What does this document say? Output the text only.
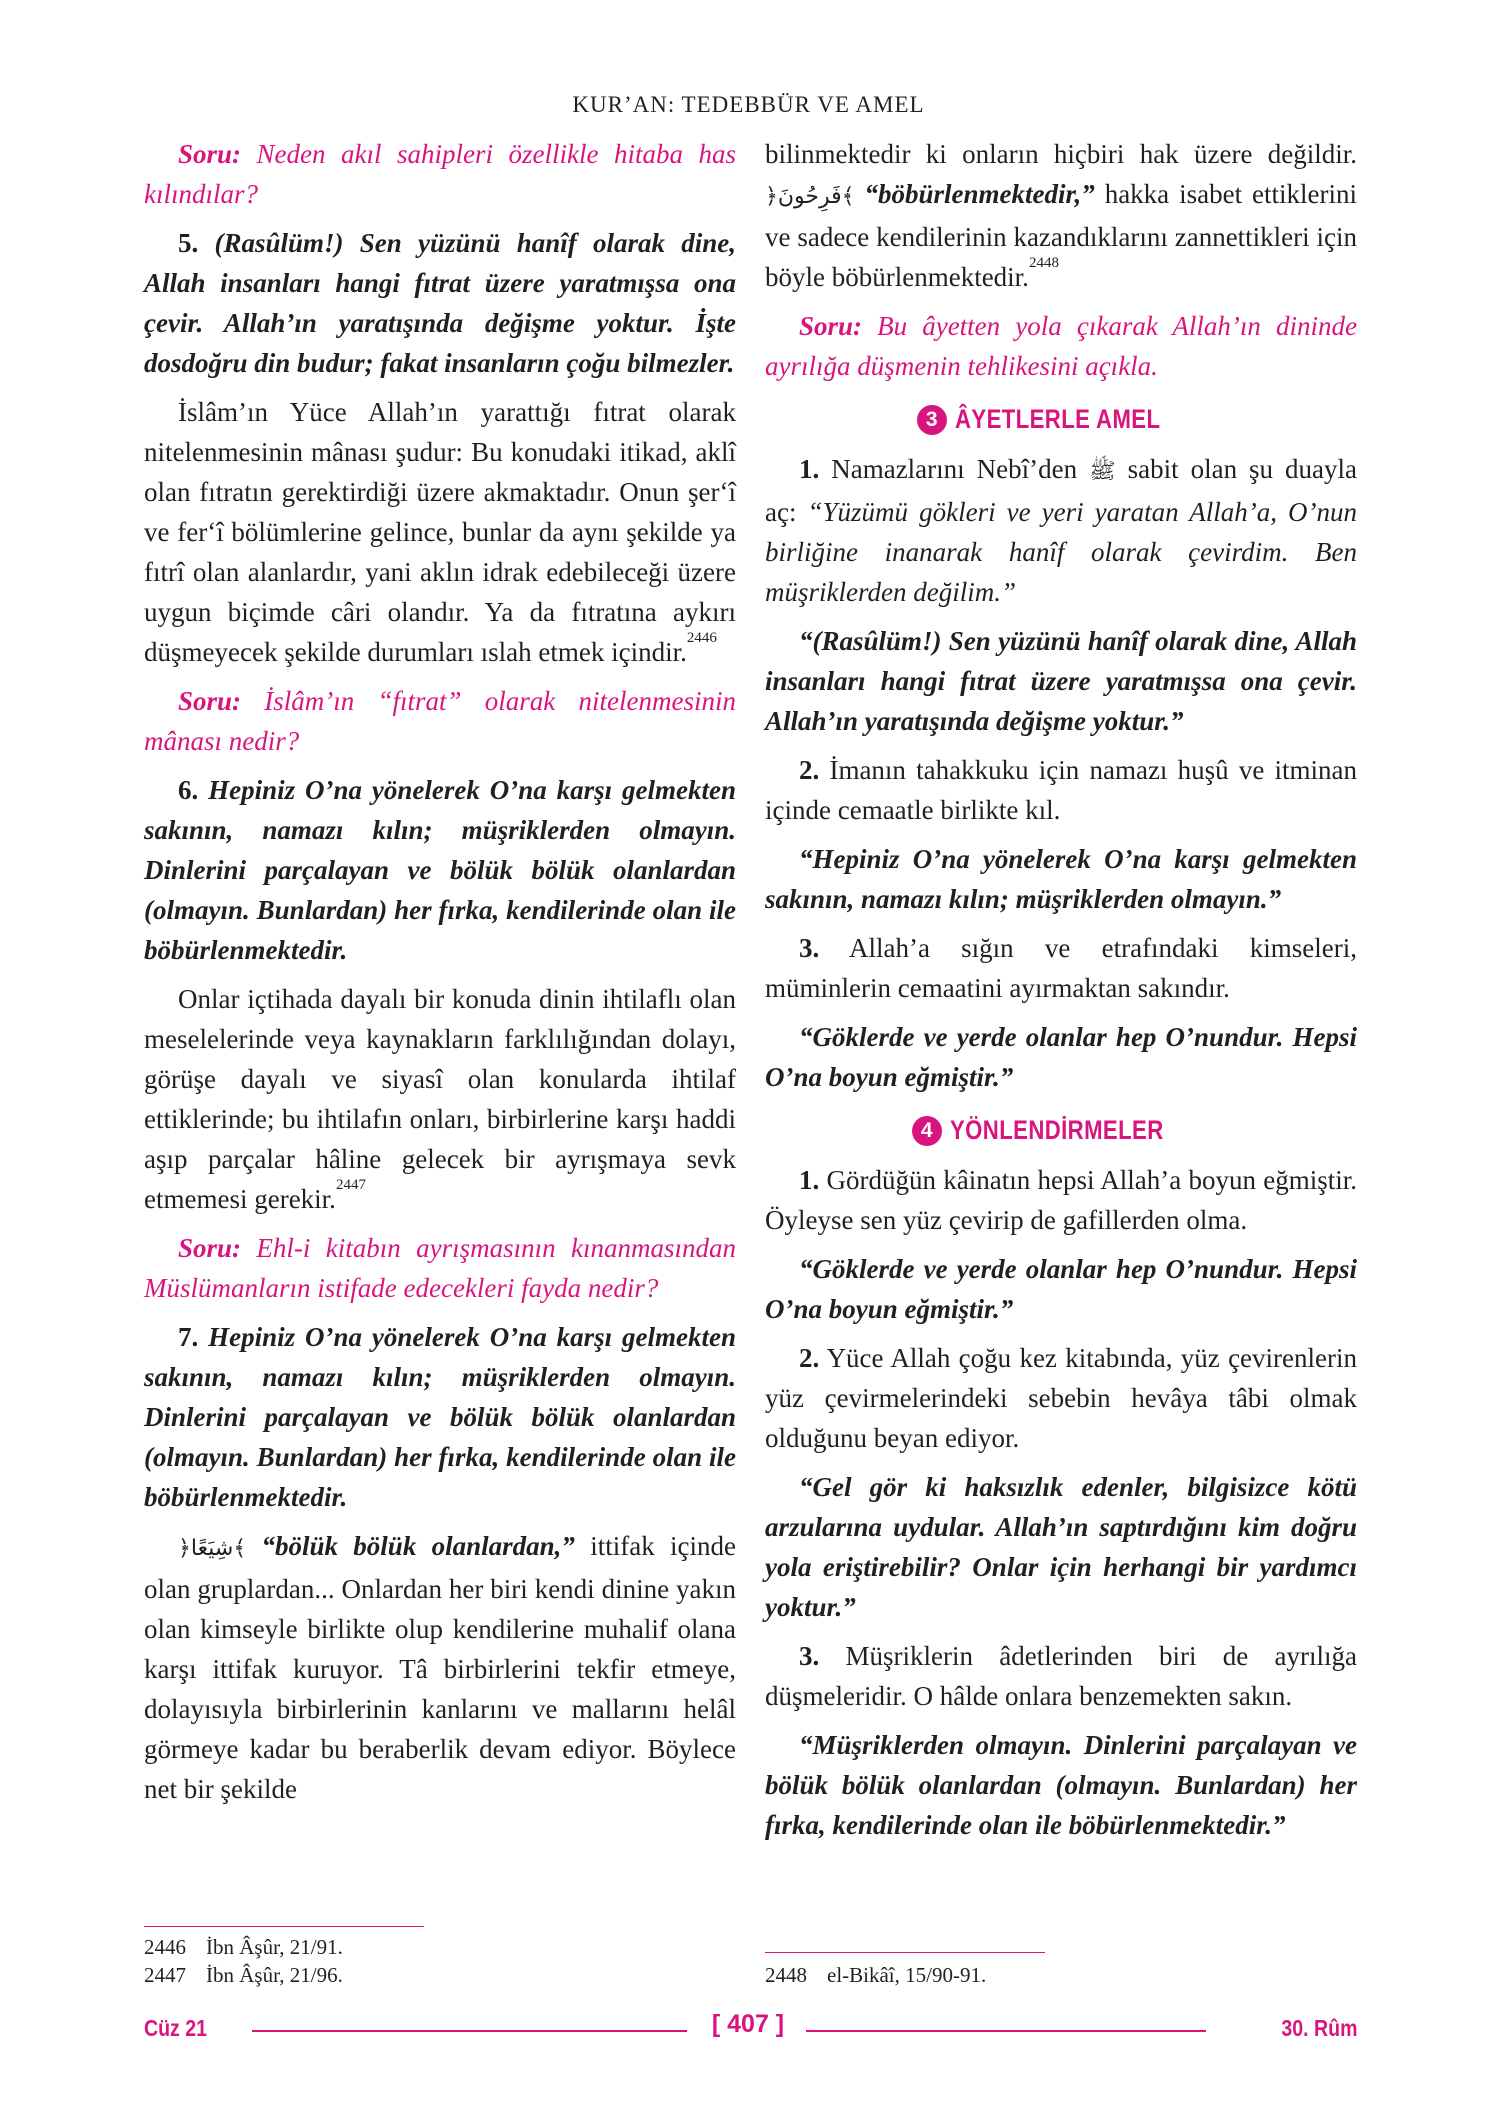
KUR’AN: TEDEBBÜR VE AMEL

Soru: Neden akıl sahipleri özellikle hitaba has kılındılar?

5. (Rasûlüm!) Sen yüzünü hanîf olarak dine, Allah insanları hangi fıtrat üzere yaratmışsa ona çevir. Allah’ın yaratışında değişme yoktur. İşte dosdoğru din budur; fakat insanların çoğu bilmezler.

İslâm’ın Yüce Allah’ın yarattığı fıtrat olarak nitelenmesinin mânası şudur: Bu konudaki itikad, aklî olan fıtratın gerektirdiği üzere akmaktadır. Onun şer‘î ve fer‘î bölümlerine gelince, bunlar da aynı şekilde ya fıtrî olan alanlardır, yani aklın idrak edebileceği üzere uygun biçimde câri olandır. Ya da fıtratına aykırı düşmeyecek şekilde durumları ıslah etmek içindir.$^{2446}$

Soru: İslâm’ın “fıtrat” olarak nitelenmesinin mânası nedir?

6. Hepiniz O’na yönelerek O’na karşı gelmekten sakının, namazı kılın; müşriklerden olmayın. Dinlerini parçalayan ve bölük bölük olanlardan (olmayın. Bunlardan) her fırka, kendilerinde olan ile böbürlenmektedir.

Onlar içtihada dayalı bir konuda dinin ihtilaflı olan meselelerinde veya kaynakların farklılığından dolayı, görüşe dayalı ve siyasî olan konularda ihtilaf ettiklerinde; bu ihtilafın onları, birbirlerine karşı haddi aşıp parçalar hâline gelecek bir ayrışmaya sevk etmemesi gerekir.$^{2447}$

Soru: Ehl-i kitabın ayrışmasının kınanmasından Müslümanların istifade edecekleri fayda nedir?

7. Hepiniz O’na yönelerek O’na karşı gelmekten sakının, namazı kılın; müşriklerden olmayın. Dinlerini parçalayan ve bölük bölük olanlardan (olmayın. Bunlardan) her fırka, kendilerinde olan ile böbürlenmektedir.

﴿شِيَعًا﴾ “bölük bölük olanlardan,” ittifak içinde olan gruplardan... Onlardan her biri kendi dinine yakın olan kimseyle birlikte olup kendilerine muhalif olana karşı ittifak kuruyor. Tâ birbirlerini tekfir etmeye, dolayısıyla birbirlerinin kanlarını ve mallarını helâl görmeye kadar bu beraberlik devam ediyor. Böylece net bir şekilde

bilinmektedir ki onların hiçbiri hak üzere değildir. ﴿فَرِحُونَ﴾ “böbürlenmektedir,” hakka isabet ettiklerini ve sadece kendilerinin kazandıklarını zannettikleri için böyle böbürlenmektedir.$^{2448}$

Soru: Bu âyetten yola çıkarak Allah’ın dininde ayrılığa düşmenin tehlikesini açıkla.

3 ÂYETLERLE AMEL

1. Namazlarını Nebî’den ﷺ sabit olan şu duayla aç: “Yüzümü gökleri ve yeri yaratan Allah’a, O’nun birliğine inanarak hanîf olarak çevirdim. Ben müşriklerden değilim.”

“(Rasûlüm!) Sen yüzünü hanîf olarak dine, Allah insanları hangi fıtrat üzere yaratmışsa ona çevir. Allah’ın yaratışında değişme yoktur.”

2. İmanın tahakkuku için namazı huşû ve itminan içinde cemaatle birlikte kıl.

“Hepiniz O’na yönelerek O’na karşı gelmekten sakının, namazı kılın; müşriklerden olmayın.”

3. Allah’a sığın ve etrafındaki kimseleri, müminlerin cemaatini ayırmaktan sakındır.

“Göklerde ve yerde olanlar hep O’nundur. Hepsi O’na boyun eğmiştir.”

4 YÖNLENDİRMELER

1. Gördüğün kâinatın hepsi Allah’a boyun eğmiştir. Öyleyse sen yüz çevirip de gafillerden olma.

“Göklerde ve yerde olanlar hep O’nundur. Hepsi O’na boyun eğmiştir.”

2. Yüce Allah çoğu kez kitabında, yüz çevirenlerin yüz çevirmelerindeki sebebin hevâya tâbi olmak olduğunu beyan ediyor.

“Gel gör ki haksızlık edenler, bilgisizce kötü arzularına uydular. Allah’ın saptırdığını kim doğru yola eriştirebilir? Onlar için herhangi bir yardımcı yoktur.”

3. Müşriklerin âdetlerinden biri de ayrılığa düşmeleridir. O hâlde onlara benzemekten sakın.

“Müşriklerden olmayın. Dinlerini parçalayan ve bölük bölük olanlardan (olmayın. Bunlardan) her fırka, kendilerinde olan ile böbürlenmektedir.”

2446 İbn Âşûr, 21/91.
2447 İbn Âşûr, 21/96.	2448 el-Bikâî, 15/90-91.
Cüz 21	[ 407 ]	30. Rûm
